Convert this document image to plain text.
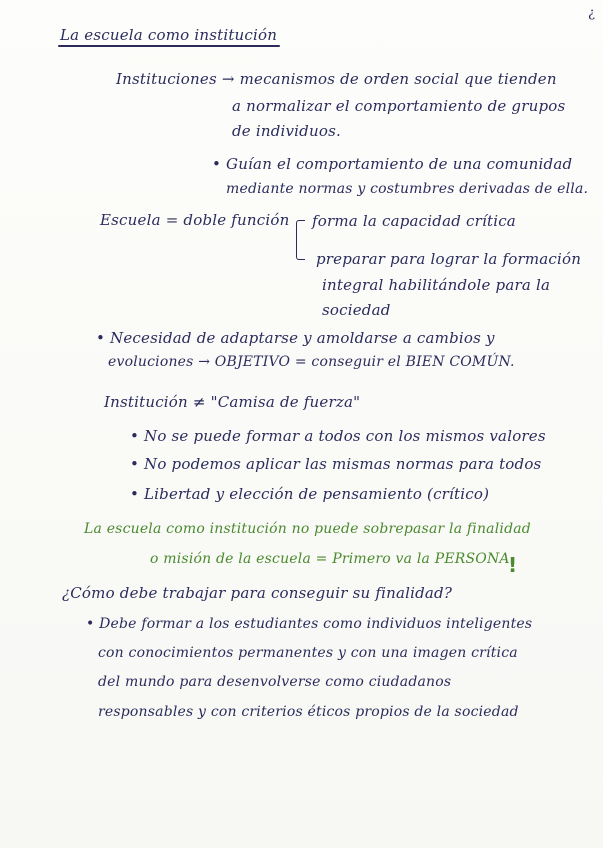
¿
La escuela como institución
Instituciones → mecanismos de orden social que tienden
a normalizar el comportamiento de grupos
de individuos.
• Guían el comportamiento de una comunidad
mediante normas y costumbres derivadas de ella.
Escuela = doble función forma la capacidad crítica
preparar para lograr la formación
integral habilitándole para la
sociedad
• Necesidad de adaptarse y amoldarse a cambios y
evoluciones → OBJETIVO = conseguir el BIEN COMÚN.
Institución ≠ "Camisa de fuerza"
• No se puede formar a todos con los mismos valores
• No podemos aplicar las mismas normas para todos
• Libertad y elección de pensamiento (crítico)
La escuela como institución no puede sobrepasar la finalidad
o misión de la escuela = Primero va la PERSONA
!
¿Cómo debe trabajar para conseguir su finalidad?
• Debe formar a los estudiantes como individuos inteligentes
con conocimientos permanentes y con una imagen crítica
del mundo para desenvolverse como ciudadanos
responsables y con criterios éticos propios de la sociedad
